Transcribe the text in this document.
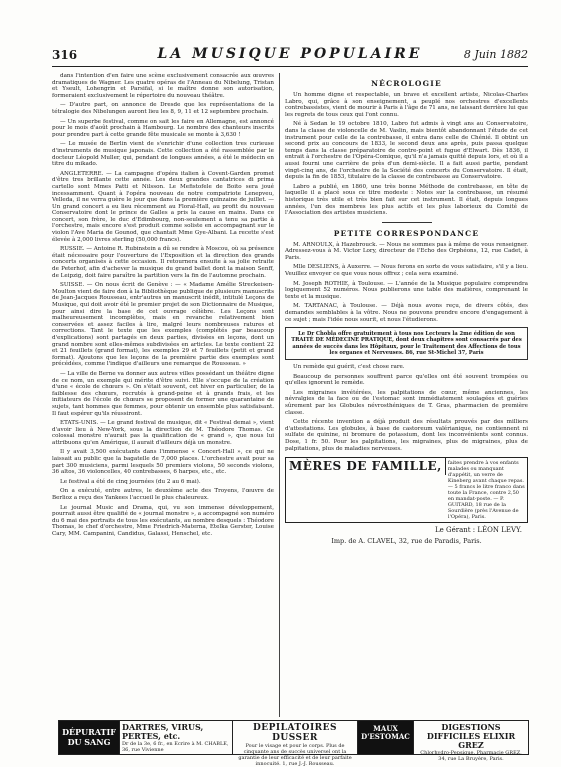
316	LA MUSIQUE POPULAIRE	8 Juin 1882

dans l'intention d'en faire une scène exclusivement consacrée aux œuvres dramatiques de Wagner. Les quatre opéras de l'Anneau du Nibelung, Tristan et Yseult, Lohengrin et Parsifal, si le maître donne son autorisation, formeraient exclusivement le répertoire du nouveau théâtre.

— D'autre part, on annonce de Dresde que les représentations de la tétralogie des Nibelungen auront lieu les 8, 9, 11 et 12 septembre prochain.

— Un superbe festival, comme on sait les faire en Allemagne, est annoncé pour le mois d'août prochain à Hambourg. Le nombre des chanteurs inscrits pour prendre part à cette grande fête musicale se monte à 3,630 !

— Le musée de Berlin vient de s'enrichir d'une collection tres curieuse d'instruments de musique japonais. Cette collection a été rassemblée par le docteur Léopold Muller, qui, pendant de longues années, a été le médecin en titre du mikado.

ANGLETERRE. — La campagne d'opéra italien à Covent-Garden promet d'être tres brillante cette année. Les deux grandes cantatrices di prima cartello sont Mmes Patti et Nilsson. Le Mefistofele de Boito sera joué incessamment. Quant à l'opéra nouveau de notre compatriote Lenepveu, Velleda, il ne verra guère le jour que dans la première quinzaine de juillet. — Un grand concert a eu lieu récemment au Floral-Hall, au profit du nouveau Conservatoire dont le prince de Galles a pris la cause en mains. Dans ce concert, son frère, le duc d'Edimbourg, non-seulement a tenu sa partie à l'orchestre, mais encore s'est produit comme soliste en accompagnant sur le violon l'Ave Maria de Gounod, que chantait Mme Gye-Albani. La recette s'est élevée à 2,000 livres sterling (50,000 francs).

RUSSIE. — Antoine R. Rubinstein a dû se rendre à Moscou, où sa présence était nécessaire pour l'ouverture de l'Exposition et la direction des grands concerts organisés à cette occasion. Il retournera ensuite à sa jolie retraite de Peterhof, afin d'achever la musique du grand ballet dont la maison Senff, de Leipzig, doit faire paraître la partition vers la fin de l'automne prochain.

SUISSE. — On nous écrit de Genève : — « Madame Amélie Streckeisen-Moulton vient de faire don à la Bibliothèque publique de plusieurs manuscrits de Jean-Jacques Rousseau, entr'autres un manuscrit inédit, intitulé Leçons de Musique, qui doit avoir été le premier projet de son Dictionnaire de Musique, pour ainsi dire la base de cet ouvrage célèbre. Les Leçons sont malheureusement incomplètes, mais en revanche relativement bien conservées et assez faciles à lire, malgré leurs nombreuses ratures et corrections. Tant le texte que les exemples (complétés par beaucoup d'explications) sont partagés en deux parties, divisées en leçons, dont un grand nombre sont elles-mêmes subdivisées en articles. Le texte contient 22 et 21 feuillets (grand format), les exemples 29 et 7 feuillets (petit et grand format). Ajoutons que les leçons de la première partie des exemples sont précédées, comme l'indique d'ailleurs une remarque de Rousseau. »

— La ville de Berne va donner aux autres villes possédant un théâtre digne de ce nom, un exemple qui mérite d'être suivi. Elle s'occupe de la création d'une « école de chœurs ». On s'était souvent, cet hiver en particulier, de la faiblesse des chœurs, recrutés à grand-peine et à grands frais, et les initiateurs de l'école de chœurs se proposent de former une quarantaine de sujets, tant hommes que femmes, pour obtenir un ensemble plus satisfaisant. Il faut espérer qu'ils réussiront.

ETATS-UNIS. — Le grand festival de musique, dit « Festival demai », vient d'avoir lieu à New-York, sous la direction de M. Théodore Thomas. Ce colossal monstre n'aurait pas la qualification de « grand », que nous lui attribuons qu'en Amérique, il aurait d'ailleurs déjà un monstre.

Il y avait 3,500 exécutants dans l'immense « Concert-Hall », ce qui ne laissait au public que la bagatelle de 7,000 places. L'orchestre avait pour sa part 300 musiciens, parmi lesquels 50 premiers violons, 50 seconds violons, 36 altos, 36 violoncelles, 40 contrebasses, 6 harpes, etc., etc.

Le festival a été de cinq journées (du 2 au 6 mai).

On a exécuté, entre autres, le deuxième acte des Troyens, l'œuvre de Berlioz a reçu des Yankees l'accueil le plus chaleureux.

Le journal Music and Drama, qui, vu son immense développement, pourrait aussi être qualifié de « journal monstre », a accompagné son numéro du 6 mai des portraits de tous les exécutants, au nombre desquels : Théodore Thomas, le chef d'orchestre, Mme Friedrich-Materna, Etelka Gerster, Louise Cary, MM. Campanini, Candidus, Galassi, Henschel, etc.

NÉCROLOGIE

Un homme digne et respectable, un brave et excellent artiste, Nicolas-Charles Labro, qui, grâce à son enseignement, a peuplé nos orchestres d'excellents contrebassistes, vient de mourir à Paris à l'âge de 71 ans, ne laissant derrière lui que les regrets de tous ceux qui l'ont connu.

Né à Sedan le 19 octobre 1810, Labro fut admis à vingt ans au Conservatoire, dans la classe de violoncelle de M. Vaslin, mais bientôt abandonnant l'étude de cet instrument pour celle de la contrebasse, il entra dans celle de Chénié. Il obtint un second prix au concours de 1833, le second deux ans après, puis passa quelque temps dans la classe préparatoire de contre-point et fugue d'Elwart. Dès 1836, il entrait à l'orchestre de l'Opéra-Comique, qu'il n'a jamais quitté depuis lors, et où il a aussi fourni une carrière de près d'un demi-siècle. Il a fait aussi partie, pendant vingt-cinq ans, de l'orchestre de la Société des concerts du Conservatoire. Il était, depuis la fin de 1853, titulaire de la classe de contrebasse au Conservatoire.

Labro a publié, en 1860, une très bonne Méthode de contrebasse, en tête de laquelle il a placé sous ce titre modeste : Notes sur la contrebasse, un résumé historique très utile et très bien fait sur cet instrument. Il était, depuis longues années, l'un des membres les plus actifs et les plus laborieux du Comité de l'Association des artistes musiciens.

PETITE CORRESPONDANCE

M. ARNOULX, à Hazebrouck. — Nous ne sommes pas à même de vous renseigner. Adressez-vous à M. Victor Lory, directeur de l'Echo des Orphéons, 12, rue Cadet, à Paris.

Mlle DESLIENS, à Auxerre. — Nous ferons en sorte de vous satisfaire, s'il y a lieu. Veuillez envoyer ce que vous nous offrez ; cela sera examiné.

M. Joseph ROTHIE, à Toulouse. — L'année de la Musique populaire comprendra logiquement 52 numéros. Nous publierons une table des matières, comprenant le texte et la musique.

M. TARTANAC, à Toulouse. — Déjà nous avons reçu, de divers côtés, des demandes semblables à la vôtre. Nous ne pouvons prendre encore d'engagement à ce sujet ; mais l'idée nous sourit, et nous l'étudierons.

Le Dr Chobla offre gratuitement à tous nos Lecteurs la 2me édition de son TRAITÉ DE MÉDECINE PRATIQUE, dont deux chapitres sont consacrés par des années de succès dans les Hôpitaux, pour le Traitement des Affections de tous les organes et Nerveuses. 86, rue St-Michel 37, Paris

Un remède qui guérit, c'est chose rare.

Beaucoup de personnes souffrent parce qu'elles ont été souvent trompées ou qu'elles ignorent le remède.

Les migraines invétérées, les palpitations de cœur, même anciennes, les névralgies de la face ou de l'estomac sont immédiatement soulagées et guéries sûrement par les Globules névrosthéniques de T. Gras, pharmacien de première classe.

Cette récente invention a déjà produit des résultats prouvés par des milliers d'attestations. Les globules, à base de castoreum valérianique, ne contiennent ni sulfate de quinine, ni bromure de potassium, dont les inconvénients sont connus. Dose, 1 fr. 50. Pour les palpitations, les migraines, plus de migraines, plus de palpitations, plus de maladies nerveuses.

MÈRES DE FAMILLE,	faites prendre à vos enfants malades ou manquant d'appétit, un verre de Kineberg avant chaque repas. — 5 francs le litre franco dans toute la France, contre 2,50 en mandat-poste. — P. GUITARD, 18 rue de la Sourdière (près l'Avenue de l'Opéra), Paris.
Le Gérant : LÉON LEVY.
Imp. de A. CLAVEL, 32, rue de Paradis, Paris.
DÉPURATIF DU SANG
DARTRES, VIRUS, PERTES, etc.
Dr de la 3e, 6 fr., en Ecrire à M. CHABLE, 36, rue Vivienne
DEPILATOIRES DUSSER
Pour le visage et pour le corps. Plus de cinquante ans de succès universel ont la garantie de leur efficacité et de leur parfaite innocuité. 1, rue J.-J. Rousseau.
MAUX D'ESTOMAC
DIGESTIONS DIFFICILES ELIXIR GREZ
Chlorhydro-Pepsique. Pharmacie GREZ, 34, rue La Bruyère, Paris.
